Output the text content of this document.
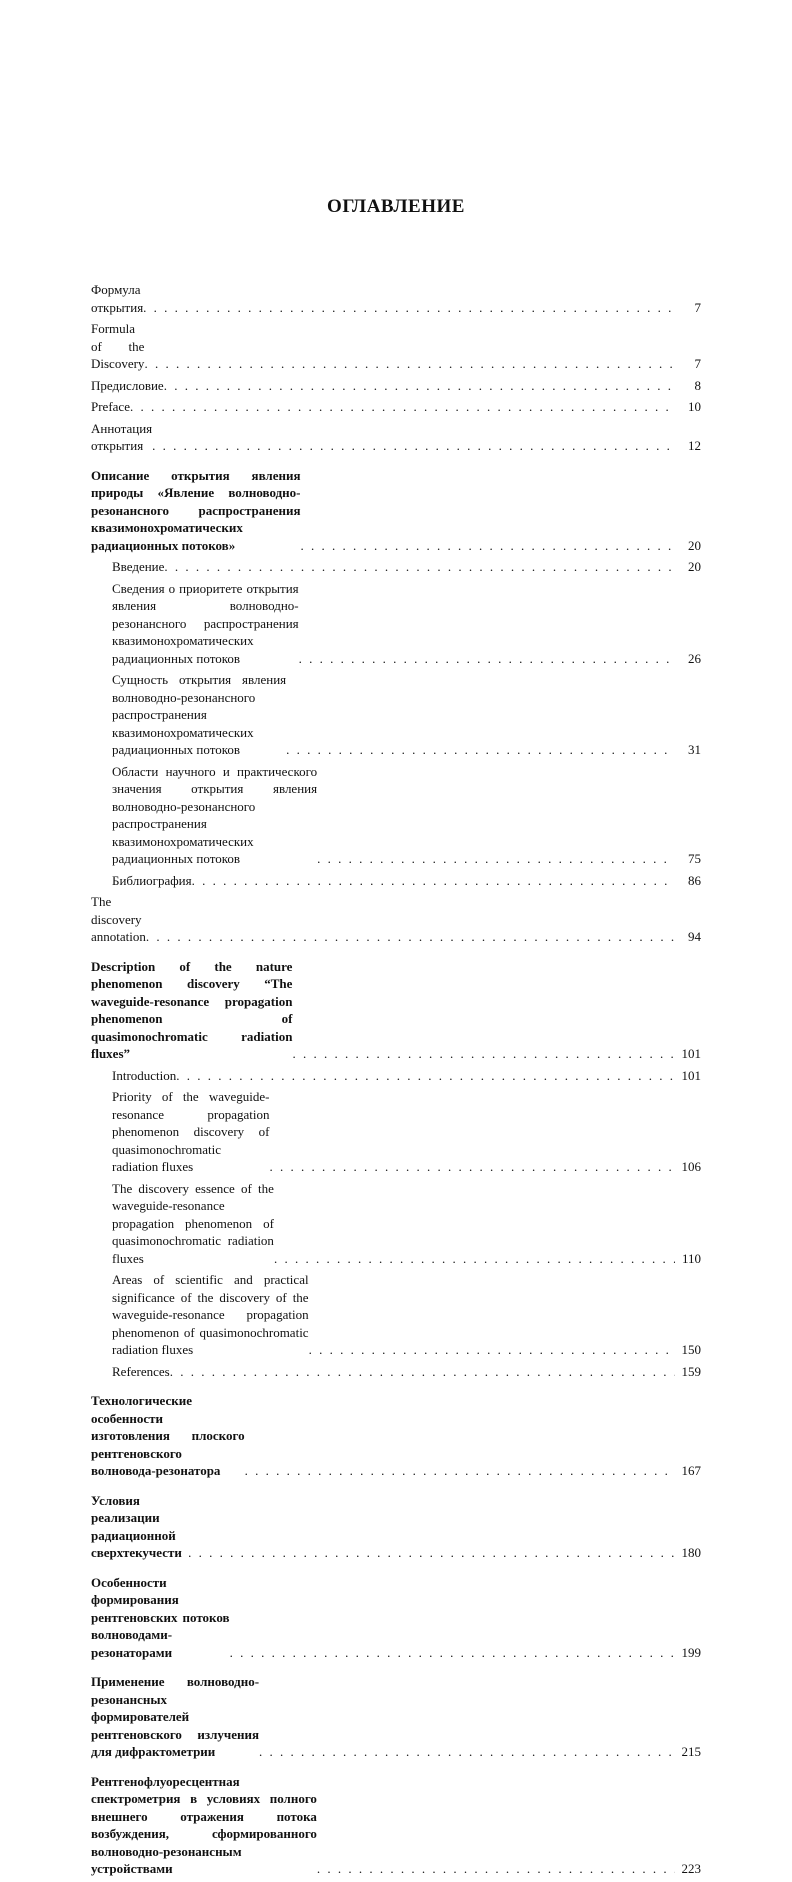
ОГЛАВЛЕНИЕ
Формула открытия . . .	7
Formula of the Discovery . . .	7
Предисловие . . .	8
Preface . . .	10
Аннотация открытия . . .	12
Описание открытия явления природы «Явление волноводно-резонансного распространения квазимонохроматических радиационных потоков» . . .	20
Введение . . .	20
Сведения о приоритете открытия явления волноводно-резонансного распространения квазимонохроматических радиационных потоков . . .	26
Сущность открытия явления волноводно-резонансного распространения квазимонохроматических радиационных потоков . . .	31
Области научного и практического значения открытия явления волноводно-резонансного распространения квазимонохроматических радиационных потоков . . .	75
Библиография . . .	86
The discovery annotation . . .	94
Description of the nature phenomenon discovery “The waveguide-resonance propagation phenomenon of quasimonochromatic radiation fluxes” . . .	101
Introduction . . .	101
Priority of the waveguide-resonance propagation phenomenon discovery of quasimonochromatic radiation fluxes . . .	106
The discovery essence of the waveguide-resonance propagation phenomenon of quasimonochromatic radiation fluxes . . .	110
Areas of scientific and practical significance of the discovery of the waveguide-resonance propagation phenomenon of quasimonochromatic radiation fluxes . . .	150
References . . .	159
Технологические особенности изготовления плоского рентгеновского волновода-резонатора . . .	167
Условия реализации радиационной сверхтекучести . . .	180
Особенности формирования рентгеновских потоков волноводами-резонаторами . . .	199
Применение волноводно-резонансных формирователей рентгеновского излучения для дифрактометрии . . .	215
Рентгенофлуоресцентная спектрометрия в условиях полного внешнего отражения потока возбуждения, сформированного волноводно-резонансным устройствами . . .	223
